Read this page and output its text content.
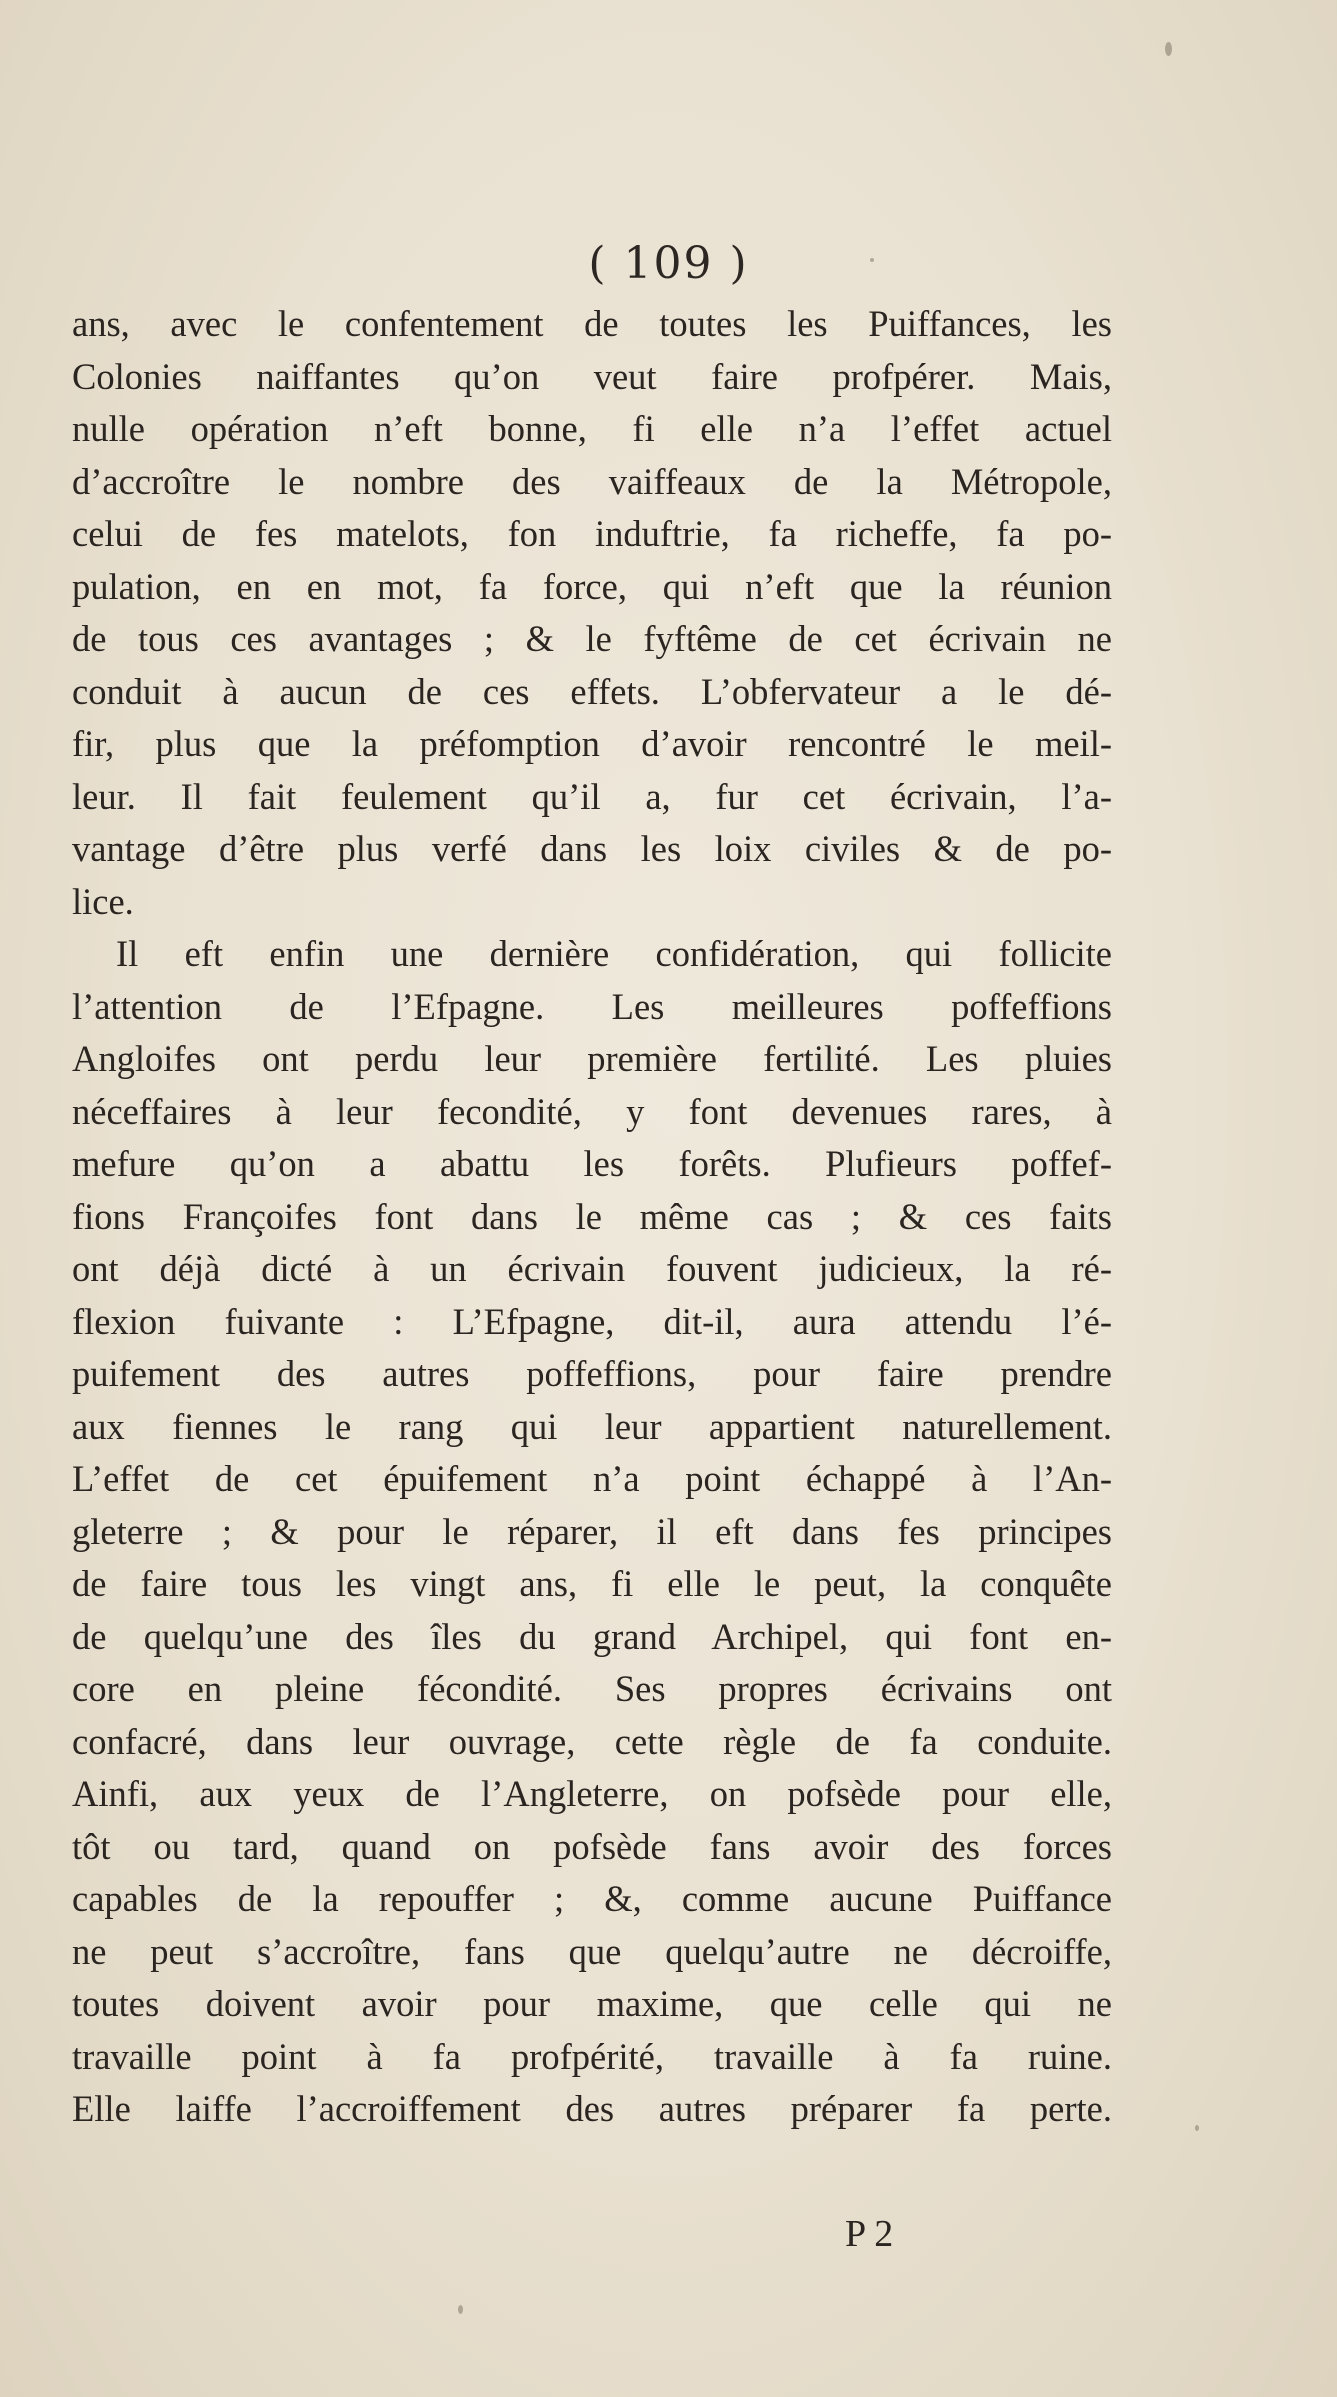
( 109 )
ans, avec le confentement de toutes les Puiffances, les
Colonies naiffantes qu’on veut faire profpérer. Mais,
nulle opération n’eft bonne, fi elle n’a l’effet actuel
d’accroître le nombre des vaiffeaux de la Métropole,
celui de fes matelots, fon induftrie, fa richeffe, fa po-
pulation, en en mot, fa force, qui n’eft que la réunion
de tous ces avantages ; & le fyftême de cet écrivain ne
conduit à aucun de ces effets. L’obfervateur a le dé-
fir, plus que la préfomption d’avoir rencontré le meil-
leur. Il fait feulement qu’il a, fur cet écrivain, l’a-
vantage d’être plus verfé dans les loix civiles & de po-
lice.
Il eft enfin une dernière confidération, qui follicite
l’attention de l’Efpagne. Les meilleures poffeffions
Angloifes ont perdu leur première fertilité. Les pluies
néceffaires à leur fecondité, y font devenues rares, à
mefure qu’on a abattu les forêts. Plufieurs poffef-
fions Françoifes font dans le même cas ; & ces faits
ont déjà dicté à un écrivain fouvent judicieux, la ré-
flexion fuivante : L’Efpagne, dit-il, aura attendu l’é-
puifement des autres poffeffions, pour faire prendre
aux fiennes le rang qui leur appartient naturellement.
L’effet de cet épuifement n’a point échappé à l’An-
gleterre ; & pour le réparer, il eft dans fes principes
de faire tous les vingt ans, fi elle le peut, la conquête
de quelqu’une des îles du grand Archipel, qui font en-
core en pleine fécondité. Ses propres écrivains ont
confacré, dans leur ouvrage, cette règle de fa conduite.
Ainfi, aux yeux de l’Angleterre, on pofsède pour elle,
tôt ou tard, quand on pofsède fans avoir des forces
capables de la repouffer ; &, comme aucune Puiffance
ne peut s’accroître, fans que quelqu’autre ne décroiffe,
toutes doivent avoir pour maxime, que celle qui ne
travaille point à fa profpérité, travaille à fa ruine.
Elle laiffe l’accroiffement des autres préparer fa perte.
P 2
